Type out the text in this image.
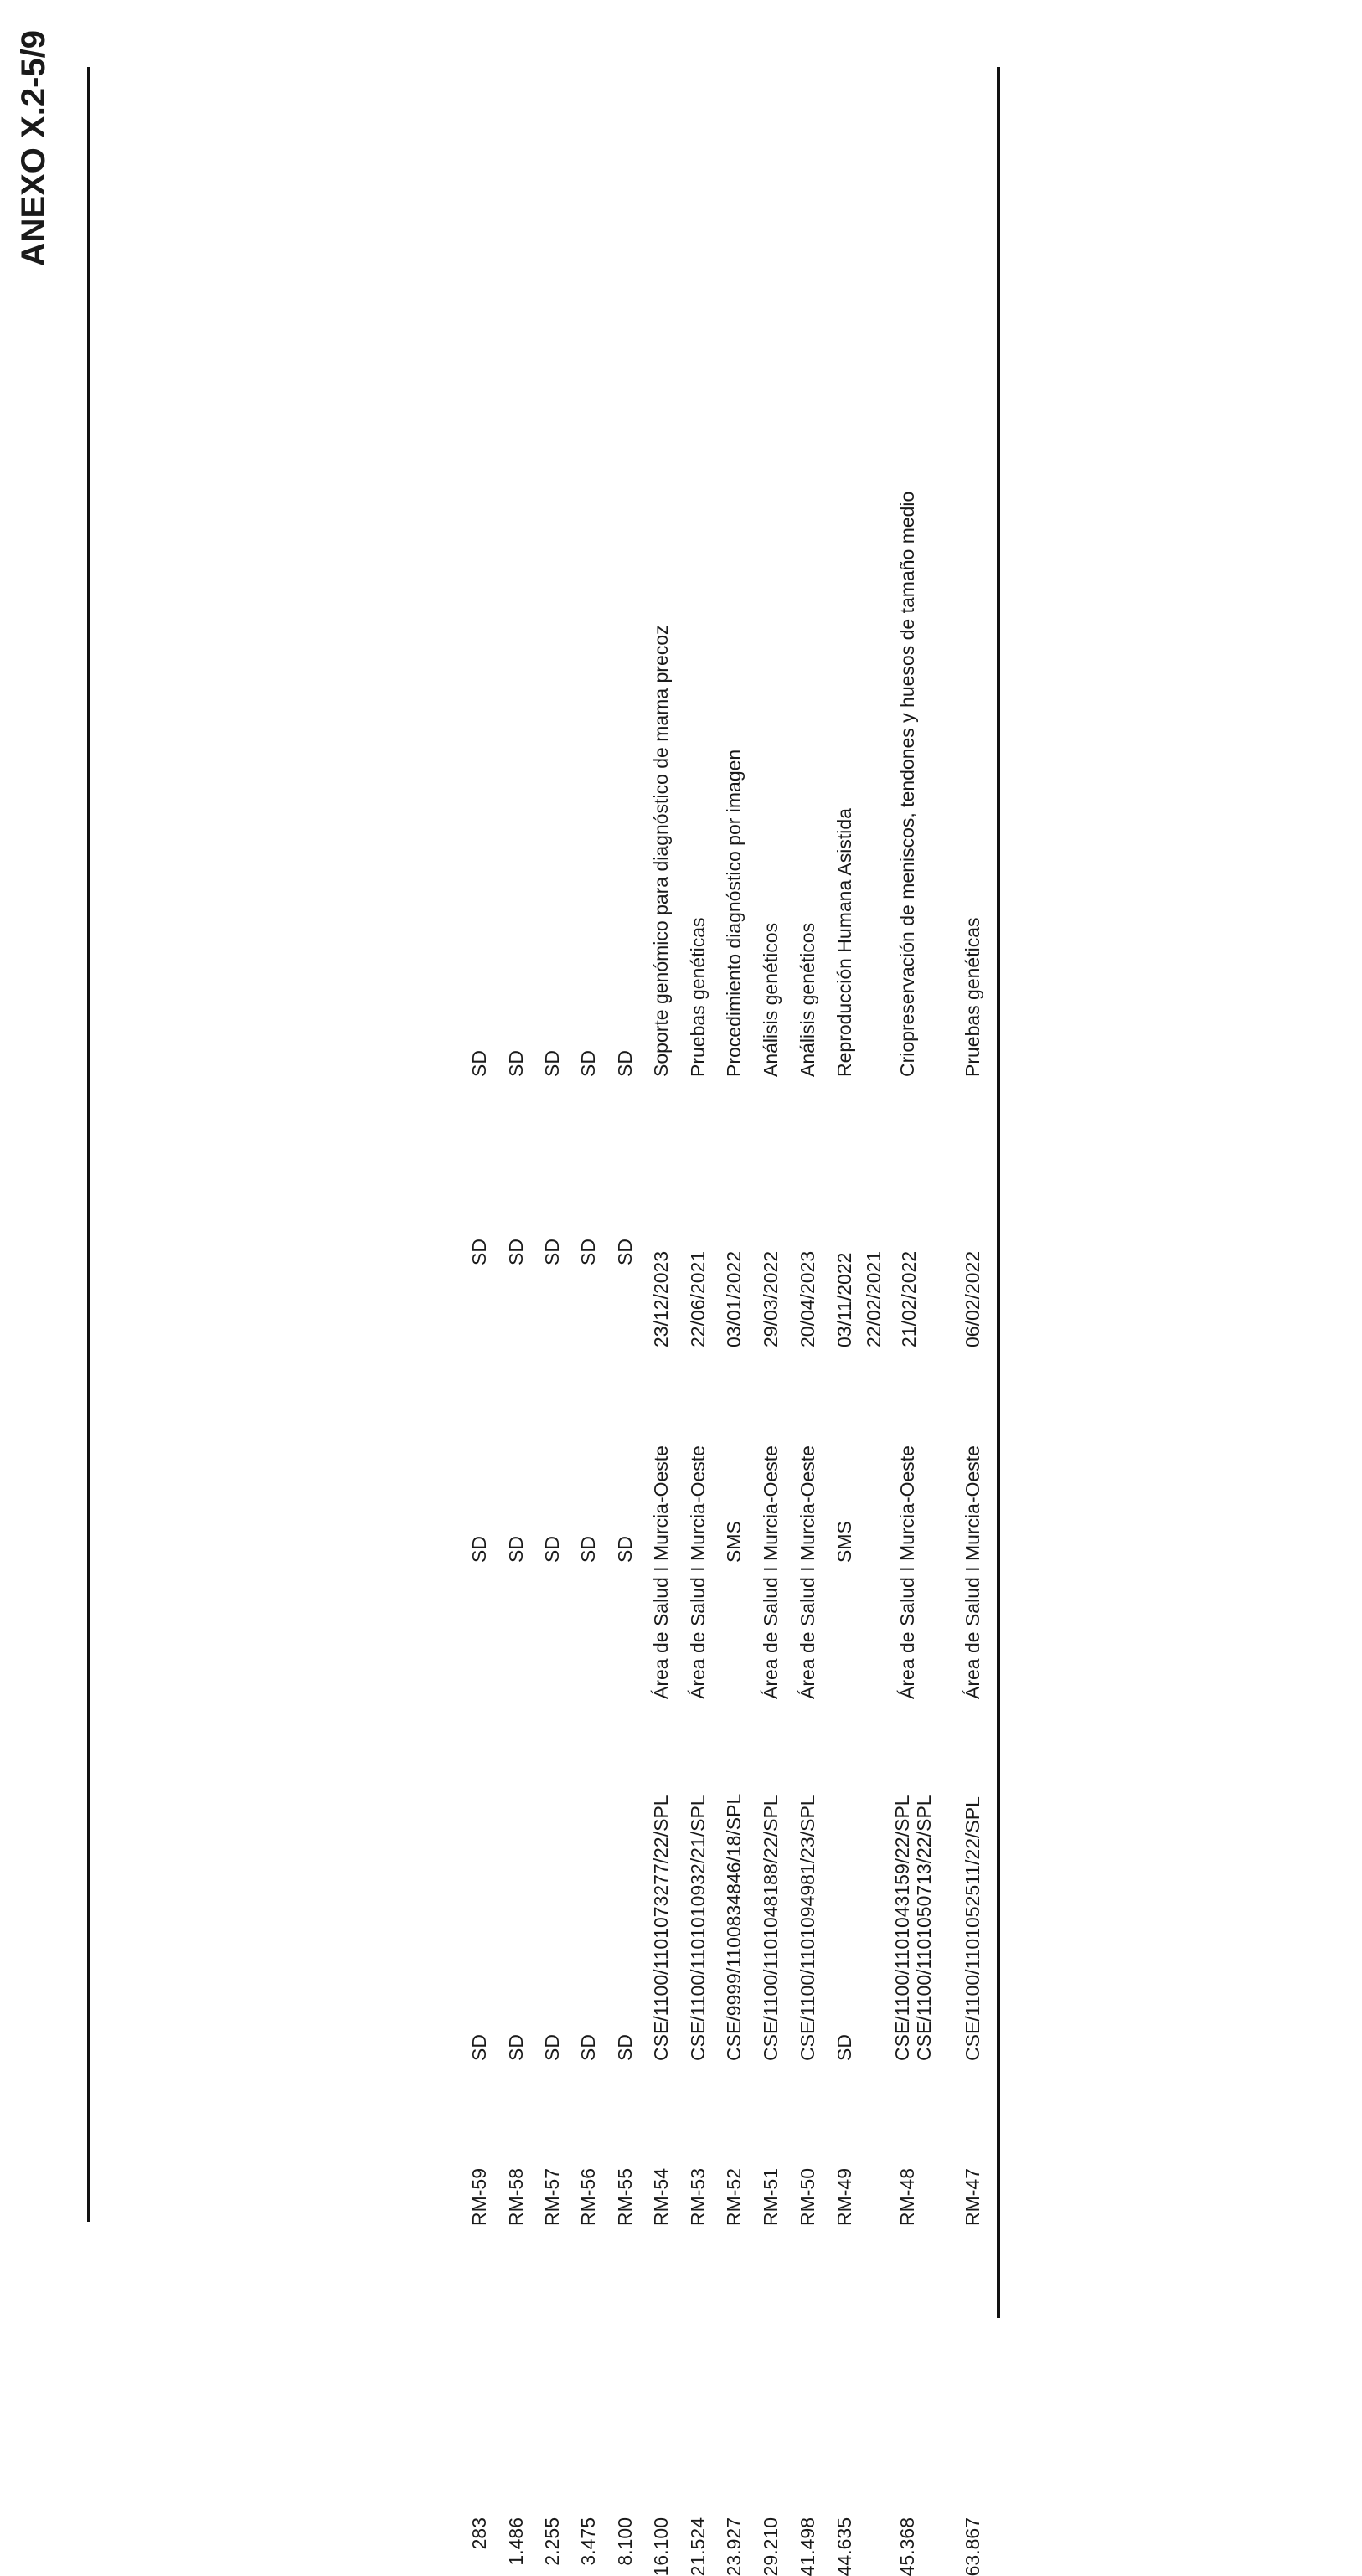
ANEXO X.2-5/9
RM-47
CSE/1100/1101052511/22/SPL
Área de Salud I Murcia-Oeste
06/02/2022
Pruebas genéticas
63.867
RM-48
CSE/1100/1101043159/22/SPL CSE/1100/1101050713/22/SPL
Área de Salud I Murcia-Oeste
22/02/2021 21/02/2022
Criopreservación de meniscos, tendones y huesos de tamaño medio
45.368
RM-49
SD
SMS
03/11/2022
Reproducción Humana Asistida
44.635
RM-50
CSE/1100/1101094981/23/SPL
Área de Salud I Murcia-Oeste
20/04/2023
Análisis genéticos
41.498
RM-51
CSE/1100/1101048188/22/SPL
Área de Salud I Murcia-Oeste
29/03/2022
Análisis genéticos
29.210
RM-52
CSE/9999/1100834846/18/SPL
SMS
03/01/2022
Procedimiento diagnóstico por imagen
23.927
RM-53
CSE/1100/1101010932/21/SPL
Área de Salud I Murcia-Oeste
22/06/2021
Pruebas genéticas
21.524
RM-54
CSE/1100/1101073277/22/SPL
Área de Salud I Murcia-Oeste
23/12/2023
Soporte genómico para diagnóstico de mama precoz
16.100
RM-55
SD
SD
SD
SD
8.100
RM-56
SD
SD
SD
SD
3.475
RM-57
SD
SD
SD
SD
2.255
RM-58
SD
SD
SD
SD
1.486
RM-59
SD
SD
SD
SD
283
